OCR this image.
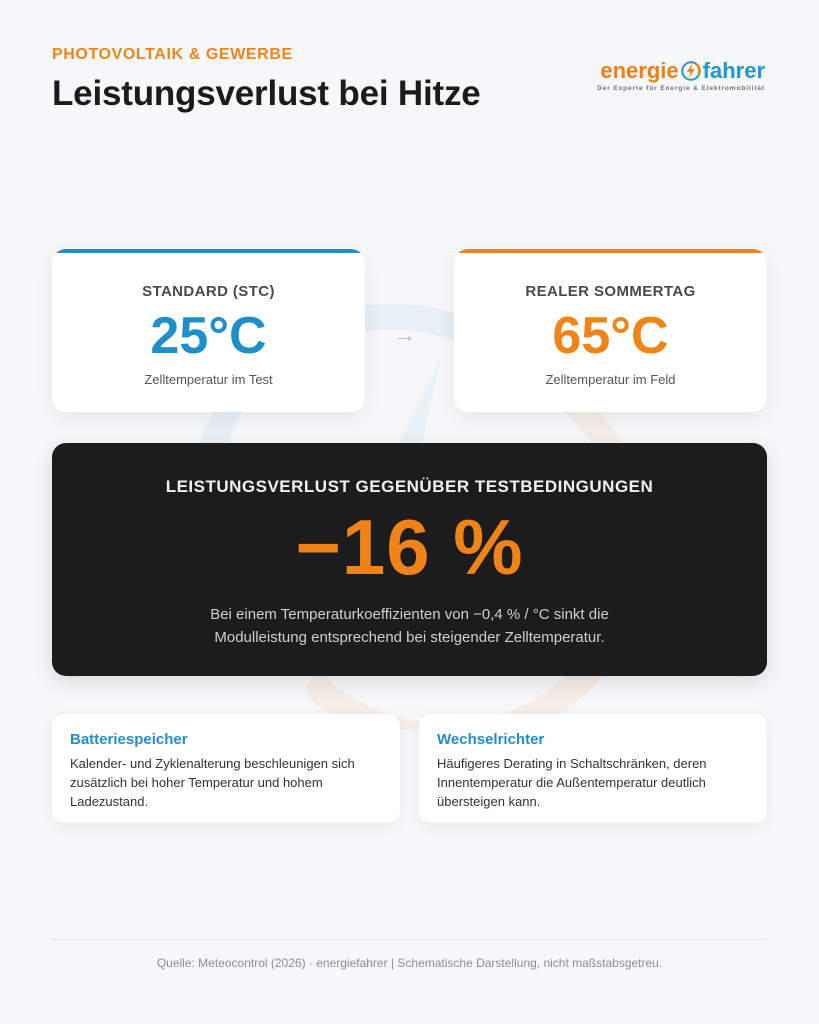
PHOTOVOLTAIK & GEWERBE
Leistungsverlust bei Hitze
energie fahrer
Der Experte für Energie & Elektromobilität
STANDARD (STC)
25°C
Zelltemperatur im Test
→
REALER SOMMERTAG
65°C
Zelltemperatur im Feld
LEISTUNGSVERLUST GEGENÜBER TESTBEDINGUNGEN
−16 %
Bei einem Temperaturkoeffizienten von −0,4 % / °C sinkt die Modulleistung entsprechend bei steigender Zelltemperatur.
Batteriespeicher
Kalender- und Zyklenalterung beschleunigen sich zusätzlich bei hoher Temperatur und hohem Ladezustand.
Wechselrichter
Häufigeres Derating in Schaltschränken, deren Innentemperatur die Außentemperatur deutlich übersteigen kann.
Quelle: Meteocontrol (2026) · energiefahrer | Schematische Darstellung, nicht maßstabsgetreu.
